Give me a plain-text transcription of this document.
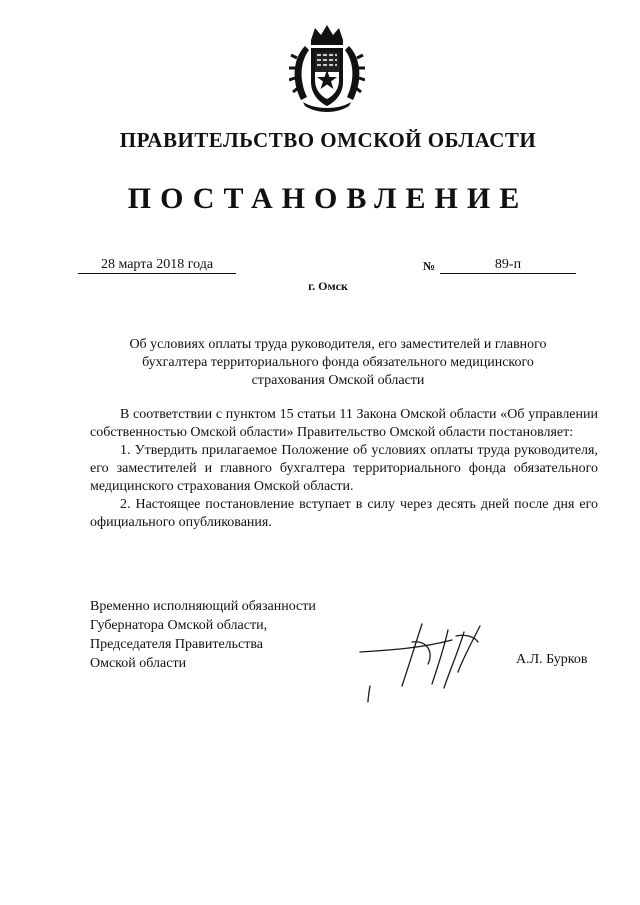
ПРАВИТЕЛЬСТВО ОМСКОЙ ОБЛАСТИ
ПОСТАНОВЛЕНИЕ
28 марта 2018 года	№	89-п
г. Омск
Об условиях оплаты труда руководителя, его заместителей и главного
бухгалтера территориального фонда обязательного медицинского
страхования Омской области

В соответствии с пунктом 15 статьи 11 Закона Омской области «Об управлении собственностью Омской области» Правительство Омской области постановляет:

1. Утвердить прилагаемое Положение об условиях оплаты труда руководителя, его заместителей и главного бухгалтера территориального фонда обязательного медицинского страхования Омской области.

2. Настоящее постановление вступает в силу через десять дней после дня его официального опубликования.

Временно исполняющий обязанности
Губернатора Омской области,
Председателя Правительства
Омской области	А.Л. Бурков
